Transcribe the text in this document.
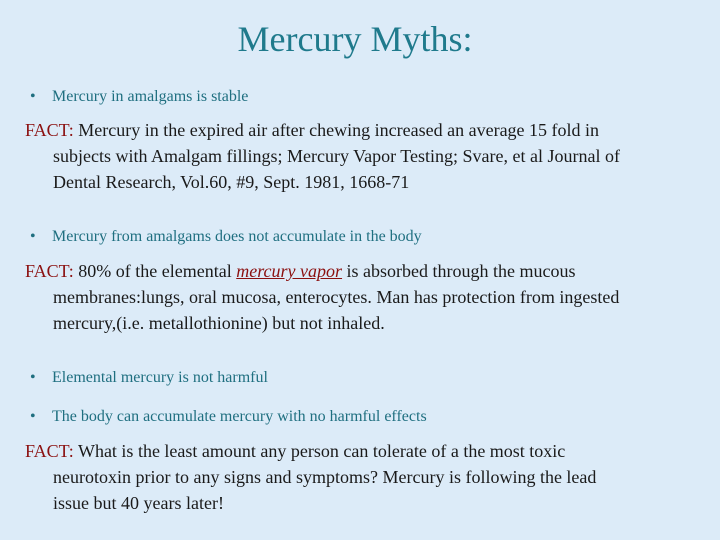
Mercury Myths:
• Mercury in amalgams is stable
FACT: Mercury in the expired air after chewing increased an average 15 fold in
subjects with Amalgam fillings; Mercury Vapor Testing; Svare, et al Journal of
Dental Research, Vol.60, #9, Sept. 1981, 1668-71
• Mercury from amalgams does not accumulate in the body
FACT: 80% of the elemental mercury vapor is absorbed through the mucous
membranes:lungs, oral mucosa, enterocytes. Man has protection from ingested
mercury,(i.e. metallothionine) but not inhaled.
• Elemental mercury is not harmful
• The body can accumulate mercury with no harmful effects
FACT: What is the least amount any person can tolerate of a the most toxic
neurotoxin prior to any signs and symptoms? Mercury is following the lead
issue but 40 years later!
